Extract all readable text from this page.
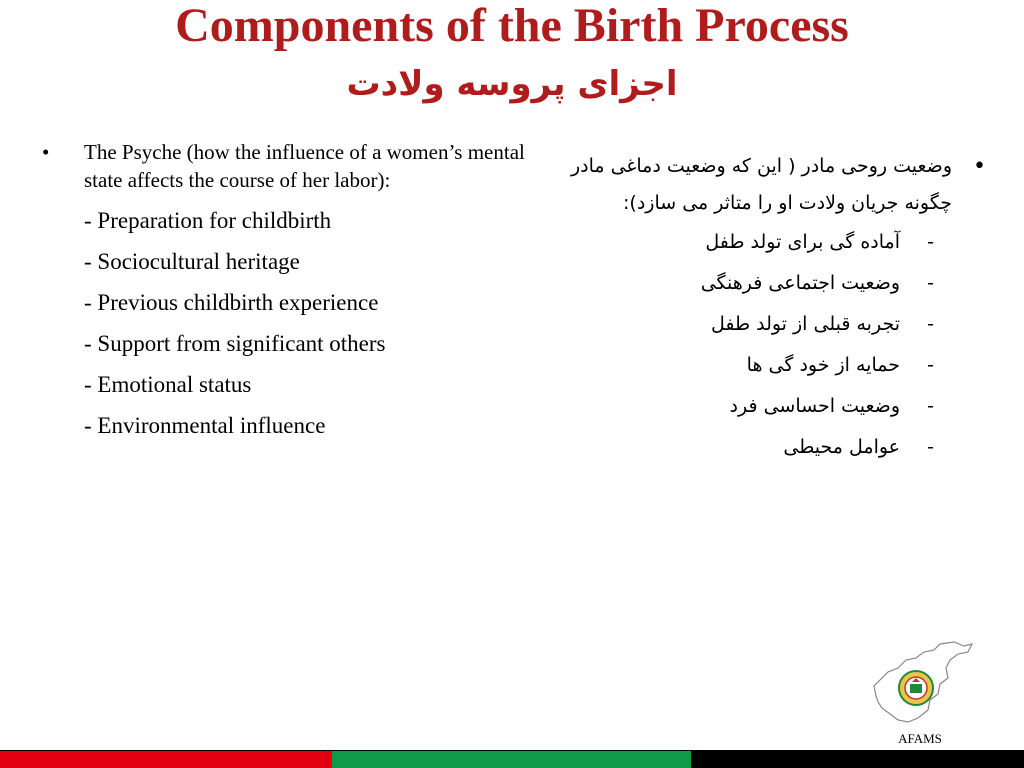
Components of the Birth Process
اجزای پروسه ولادت
• The Psyche (how the influence of a women’s mental state affects the course of her labor):
- Preparation for childbirth
- Sociocultural heritage
- Previous childbirth experience
- Support from significant others
- Emotional status
- Environmental influence
•
وضعیت روحی مادر ( این که وضعیت دماغی مادر چگونه جریان ولادت او را متاثر می سازد):
-
آماده گی برای تولد طفل
-
وضعیت اجتماعی فرهنگی
-
تجربه قبلی از تولد طفل
-
حمایه از خود گی ها
-
وضعیت احساسی فرد
-
عوامل محیطی
AFAMS
